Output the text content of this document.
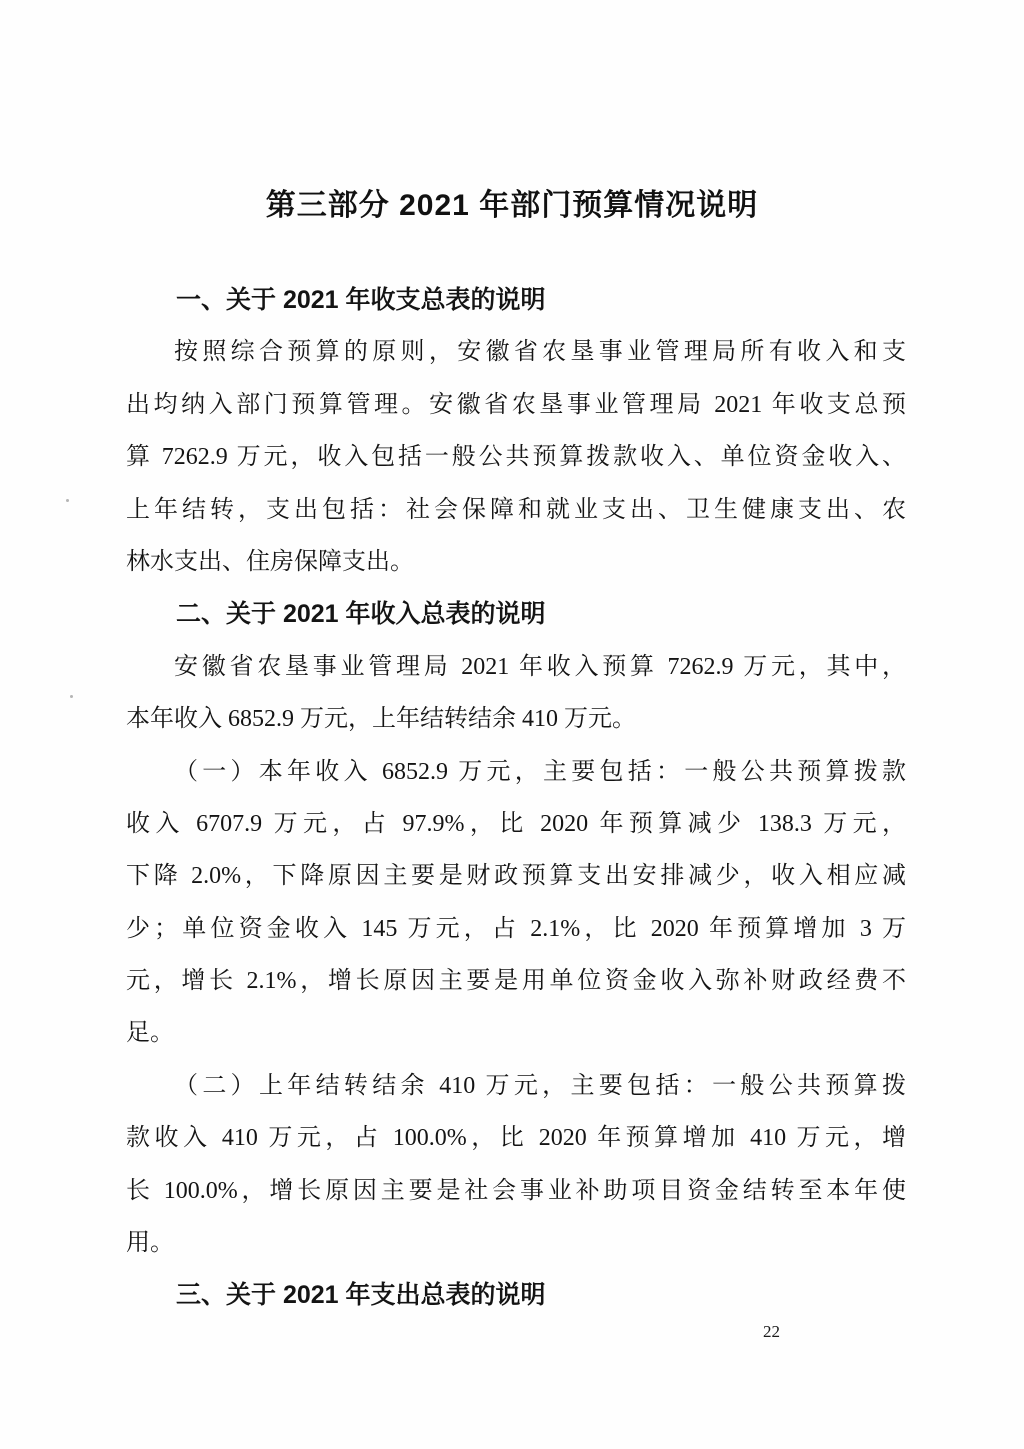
第三部分 2021 年部门预算情况说明
一、关于 2021 年收支总表的说明
按照综合预算的原则，安徽省农垦事业管理局所有收入和支
出均纳入部门预算管理。安徽省农垦事业管理局 2021 年收支总预
算 7262.9 万元，收入包括一般公共预算拨款收入、单位资金收入、
上年结转，支出包括：社会保障和就业支出、卫生健康支出、农
林水支出、住房保障支出。
二、关于 2021 年收入总表的说明
安徽省农垦事业管理局 2021 年收入预算 7262.9 万元，其中，
本年收入 6852.9 万元，上年结转结余 410 万元。
（一）本年收入 6852.9 万元，主要包括：一般公共预算拨款
收入 6707.9 万元，占 97.9%，比 2020 年预算减少 138.3 万元，
下降 2.0%，下降原因主要是财政预算支出安排减少，收入相应减
少；单位资金收入 145 万元，占 2.1%，比 2020 年预算增加 3 万
元，增长 2.1%，增长原因主要是用单位资金收入弥补财政经费不
足。
（二）上年结转结余 410 万元，主要包括：一般公共预算拨
款收入 410 万元，占 100.0%，比 2020 年预算增加 410 万元，增
长 100.0%，增长原因主要是社会事业补助项目资金结转至本年使
用。
三、关于 2021 年支出总表的说明
22
